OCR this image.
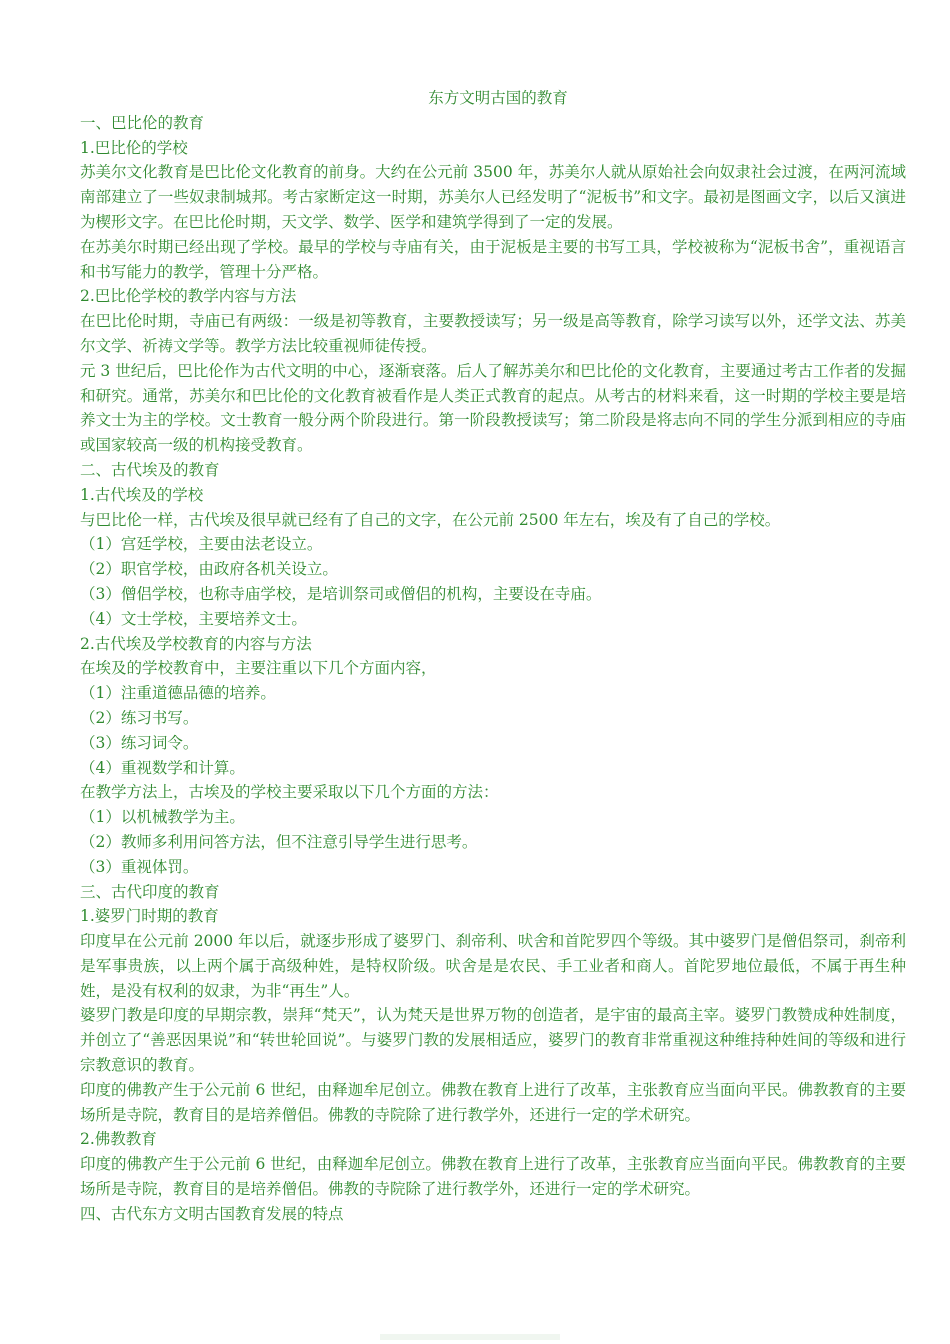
东方文明古国的教育

一、巴比伦的教育

1.巴比伦的学校

苏美尔文化教育是巴比伦文化教育的前身。大约在公元前 3500 年，苏美尔人就从原始社会向奴隶社会过渡，在两河流域南部建立了一些奴隶制城邦。考古家断定这一时期，苏美尔人已经发明了“泥板书”和文字。最初是图画文字，以后又演进为楔形文字。在巴比伦时期，天文学、数学、医学和建筑学得到了一定的发展。

在苏美尔时期已经出现了学校。最早的学校与寺庙有关，由于泥板是主要的书写工具，学校被称为“泥板书舍”，重视语言和书写能力的教学，管理十分严格。

2.巴比伦学校的教学内容与方法

在巴比伦时期，寺庙已有两级：一级是初等教育，主要教授读写；另一级是高等教育，除学习读写以外，还学文法、苏美尔文学、祈祷文学等。教学方法比较重视师徒传授。

元 3 世纪后，巴比伦作为古代文明的中心，逐渐衰落。后人了解苏美尔和巴比伦的文化教育，主要通过考古工作者的发掘和研究。通常，苏美尔和巴比伦的文化教育被看作是人类正式教育的起点。从考古的材料来看，这一时期的学校主要是培养文士为主的学校。文士教育一般分两个阶段进行。第一阶段教授读写；第二阶段是将志向不同的学生分派到相应的寺庙或国家较高一级的机构接受教育。

二、古代埃及的教育

1.古代埃及的学校

与巴比伦一样，古代埃及很早就已经有了自己的文字，在公元前 2500 年左右，埃及有了自己的学校。

（1）宫廷学校，主要由法老设立。

（2）职官学校，由政府各机关设立。

（3）僧侣学校，也称寺庙学校，是培训祭司或僧侣的机构，主要设在寺庙。

（4）文士学校，主要培养文士。

2.古代埃及学校教育的内容与方法

在埃及的学校教育中，主要注重以下几个方面内容，

（1）注重道德品德的培养。

（2）练习书写。

（3）练习词令。

（4）重视数学和计算。

在教学方法上，古埃及的学校主要采取以下几个方面的方法：

（1）以机械教学为主。

（2）教师多利用问答方法，但不注意引导学生进行思考。

（3）重视体罚。

三、古代印度的教育

1.婆罗门时期的教育

印度早在公元前 2000 年以后，就逐步形成了婆罗门、刹帝利、吠舍和首陀罗四个等级。其中婆罗门是僧侣祭司，刹帝利是军事贵族，以上两个属于高级种姓，是特权阶级。吠舍是是农民、手工业者和商人。首陀罗地位最低，不属于再生种姓，是没有权利的奴隶，为非“再生”人。

婆罗门教是印度的早期宗教，崇拜“梵天”，认为梵天是世界万物的创造者，是宇宙的最高主宰。婆罗门教赞成种姓制度，并创立了“善恶因果说”和“转世轮回说”。与婆罗门教的发展相适应，婆罗门的教育非常重视这种维持种姓间的等级和进行宗教意识的教育。

印度的佛教产生于公元前 6 世纪，由释迦牟尼创立。佛教在教育上进行了改革，主张教育应当面向平民。佛教教育的主要场所是寺院，教育目的是培养僧侣。佛教的寺院除了进行教学外，还进行一定的学术研究。

2.佛教教育

印度的佛教产生于公元前 6 世纪，由释迦牟尼创立。佛教在教育上进行了改革，主张教育应当面向平民。佛教教育的主要场所是寺院，教育目的是培养僧侣。佛教的寺院除了进行教学外，还进行一定的学术研究。

四、古代东方文明古国教育发展的特点
